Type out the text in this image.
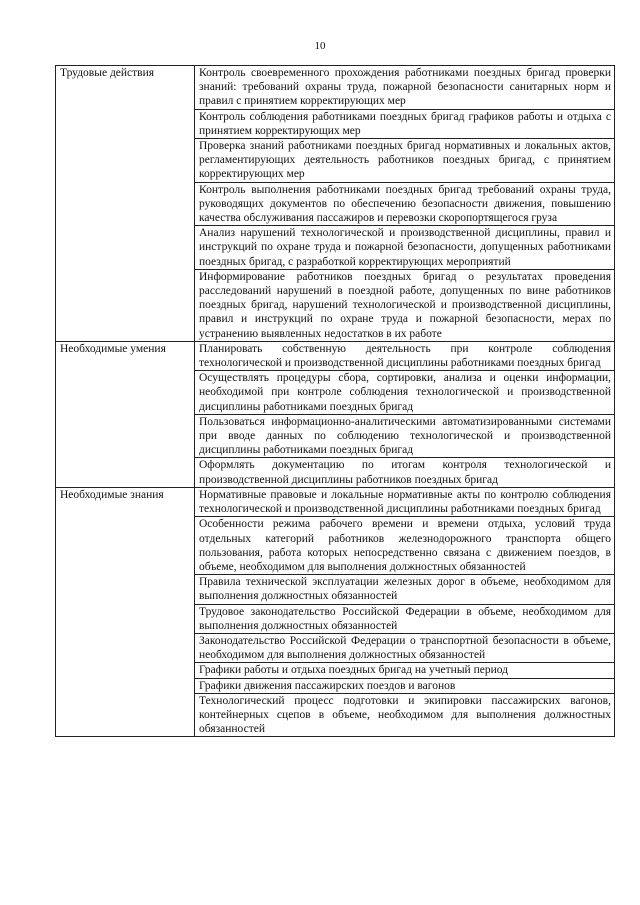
10
Трудовые действия	Контроль своевременного прохождения работниками поездных бригад проверки знаний: требований охраны труда, пожарной безопасности санитарных норм и правил с принятием корректирующих мер
	Контроль соблюдения работниками поездных бригад графиков работы и отдыха с принятием корректирующих мер
	Проверка знаний работниками поездных бригад нормативных и локальных актов, регламентирующих деятельность работников поездных бригад, с принятием корректирующих мер
	Контроль выполнения работниками поездных бригад требований охраны труда, руководящих документов по обеспечению безопасности движения, повышению качества обслуживания пассажиров и перевозки скоропортящегося груза
	Анализ нарушений технологической и производственной дисциплины, правил и инструкций по охране труда и пожарной безопасности, допущенных работниками поездных бригад, с разработкой корректирующих мероприятий
	Информирование работников поездных бригад о результатах проведения расследований нарушений в поездной работе, допущенных по вине работников поездных бригад, нарушений технологической и производственной дисциплины, правил и инструкций по охране труда и пожарной безопасности, мерах по устранению выявленных недостатков в их работе
Необходимые умения	Планировать собственную деятельность при контроле соблюдения технологической и производственной дисциплины работниками поездных бригад
	Осуществлять процедуры сбора, сортировки, анализа и оценки информации, необходимой при контроле соблюдения технологической и производственной дисциплины работниками поездных бригад
	Пользоваться информационно-аналитическими автоматизированными системами при вводе данных по соблюдению технологической и производственной дисциплины работниками поездных бригад
	Оформлять документацию по итогам контроля технологической и производственной дисциплины работников поездных бригад
Необходимые знания	Нормативные правовые и локальные нормативные акты по контролю соблюдения технологической и производственной дисциплины работниками поездных бригад
	Особенности режима рабочего времени и времени отдыха, условий труда отдельных категорий работников железнодорожного транспорта общего пользования, работа которых непосредственно связана с движением поездов, в объеме, необходимом для выполнения должностных обязанностей
	Правила технической эксплуатации железных дорог в объеме, необходимом для выполнения должностных обязанностей
	Трудовое законодательство Российской Федерации в объеме, необходимом для выполнения должностных обязанностей
	Законодательство Российской Федерации о транспортной безопасности в объеме, необходимом для выполнения должностных обязанностей
	Графики работы и отдыха поездных бригад на учетный период
	Графики движения пассажирских поездов и вагонов
	Технологический процесс подготовки и экипировки пассажирских вагонов, контейнерных сцепов в объеме, необходимом для выполнения должностных обязанностей
